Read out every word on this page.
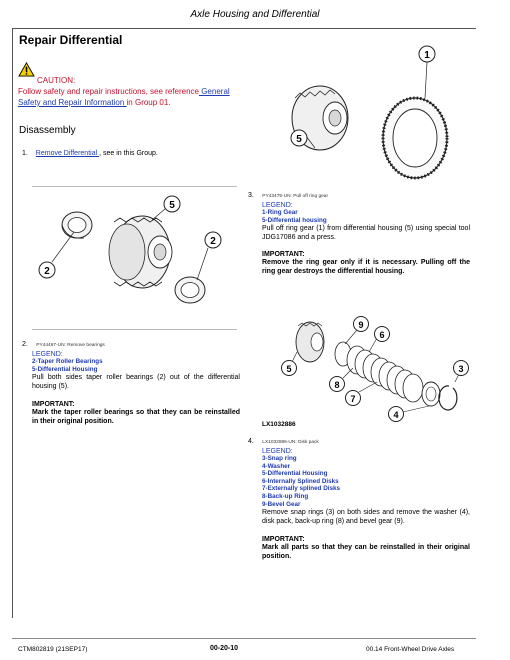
Axle Housing and Differential
Repair Differential
CAUTION:
Follow safety and repair instructions, see reference General Safety and Repair Information in Group 01.
Disassembly
1. Remove Differential , see in this Group.
2
5
2
2. PY44467-UN: Remove bearings
LEGEND:
2-Taper Roller Bearings
5-Differential Housing
Pull both sides taper roller bearings (2) out of the differential housing (5).
IMPORTANT:
Mark the taper roller bearings so that they can be reinstalled in their original position.
1
5
3. PY43475-UN: Pull off ring gear
LEGEND:
1-Ring Gear
5-Differential housing
Pull off ring gear (1) from differential housing (5) using special tool JDG17086 and a press.
IMPORTANT:
Remove the ring gear only if it is necessary. Pulling off the ring gear destroys the differential housing.
9
6
5	3
8
7
4
LX1032886
4. LX1032886-UN: Disk pack
LEGEND:
3-Snap ring
4-Washer
5-Differential Housing
6-Internally Splined Disks
7-Externally splined Disks
8-Back-up Ring
9-Bevel Gear
Remove snap rings (3) on both sides and remove the washer (4), disk pack, back-up ring (8) and bevel gear (9).
IMPORTANT:
Mark all parts so that they can be reinstalled in their original position.
CTM802819 (21SEP17)	00-20-10	00.14 Front-Wheel Drive Axles
